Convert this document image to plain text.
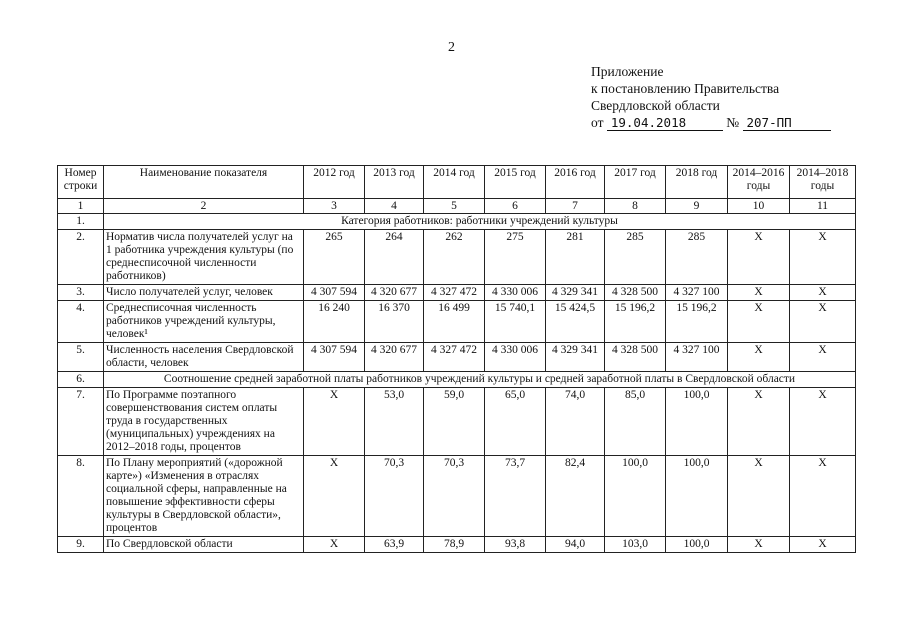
2
Приложение
к постановлению Правительства
Свердловской области
от 19.04.2018	№ 207-ПП
Номер строки	Наименование показателя	2012 год	2013 год	2014 год	2015 год	2016 год	2017 год	2018 год	2014–2016 годы	2014–2018 годы
1	2	3	4	5	6	7	8	9	10	11
1.	Категория работников: работники учреждений культуры									
2.	Норматив числа получателей услуг на 1 работника учреждения культуры (по среднесписочной численности работников)	265	264	262	275	281	285	285	X	X
3.	Число получателей услуг, человек	4 307 594	4 320 677	4 327 472	4 330 006	4 329 341	4 328 500	4 327 100	X	X
4.	Среднесписочная численность работников учреждений культуры, человек¹	16 240	16 370	16 499	15 740,1	15 424,5	15 196,2	15 196,2	X	X
5.	Численность населения Свердловской области, человек	4 307 594	4 320 677	4 327 472	4 330 006	4 329 341	4 328 500	4 327 100	X	X
6.	Соотношение средней заработной платы работников учреждений культуры и средней заработной платы в Свердловской области									
7.	По Программе поэтапного совершенствования систем оплаты труда в государственных (муниципальных) учреждениях на 2012–2018 годы, процентов	X	53,0	59,0	65,0	74,0	85,0	100,0	X	X
8.	По Плану мероприятий («дорожной карте») «Изменения в отраслях социальной сферы, направленные на повышение эффективности сферы культуры в Свердловской области», процентов	X	70,3	70,3	73,7	82,4	100,0	100,0	X	X
9.	По Свердловской области	X	63,9	78,9	93,8	94,0	103,0	100,0	X	X
